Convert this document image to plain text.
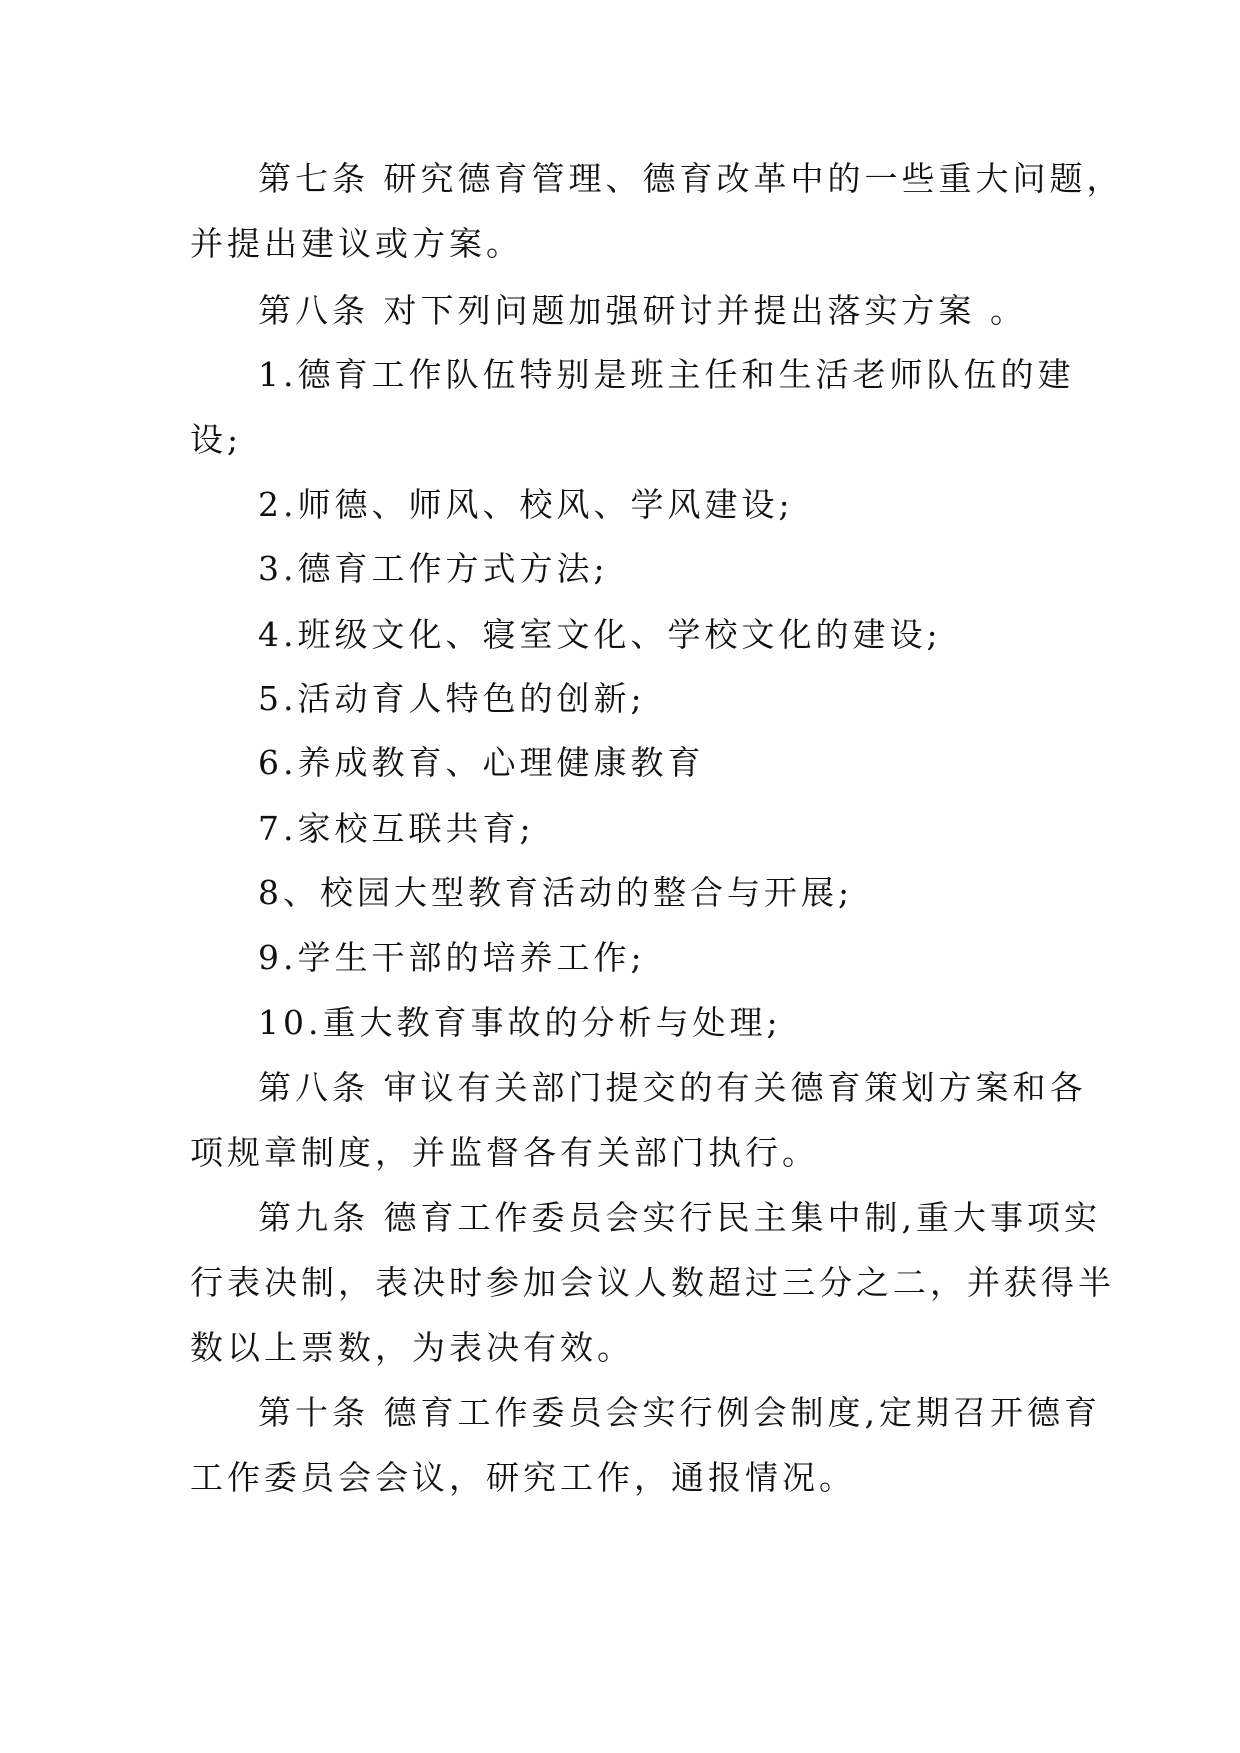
第七条 研究德育管理、德育改革中的一些重大问题，
并提出建议或方案。
第八条 对下列问题加强研讨并提出落实方案 。
1.德育工作队伍特别是班主任和生活老师队伍的建
设;
2.师德、师风、校风、学风建设;
3.德育工作方式方法;
4.班级文化、寝室文化、学校文化的建设;
5.活动育人特色的创新;
6.养成教育、心理健康教育
7.家校互联共育;
8、校园大型教育活动的整合与开展;
9.学生干部的培养工作;
10.重大教育事故的分析与处理;
第八条 审议有关部门提交的有关德育策划方案和各
项规章制度，并监督各有关部门执行。
第九条 德育工作委员会实行民主集中制,重大事项实
行表决制，表决时参加会议人数超过三分之二，并获得半
数以上票数，为表决有效。
第十条 德育工作委员会实行例会制度,定期召开德育
工作委员会会议，研究工作，通报情况。
